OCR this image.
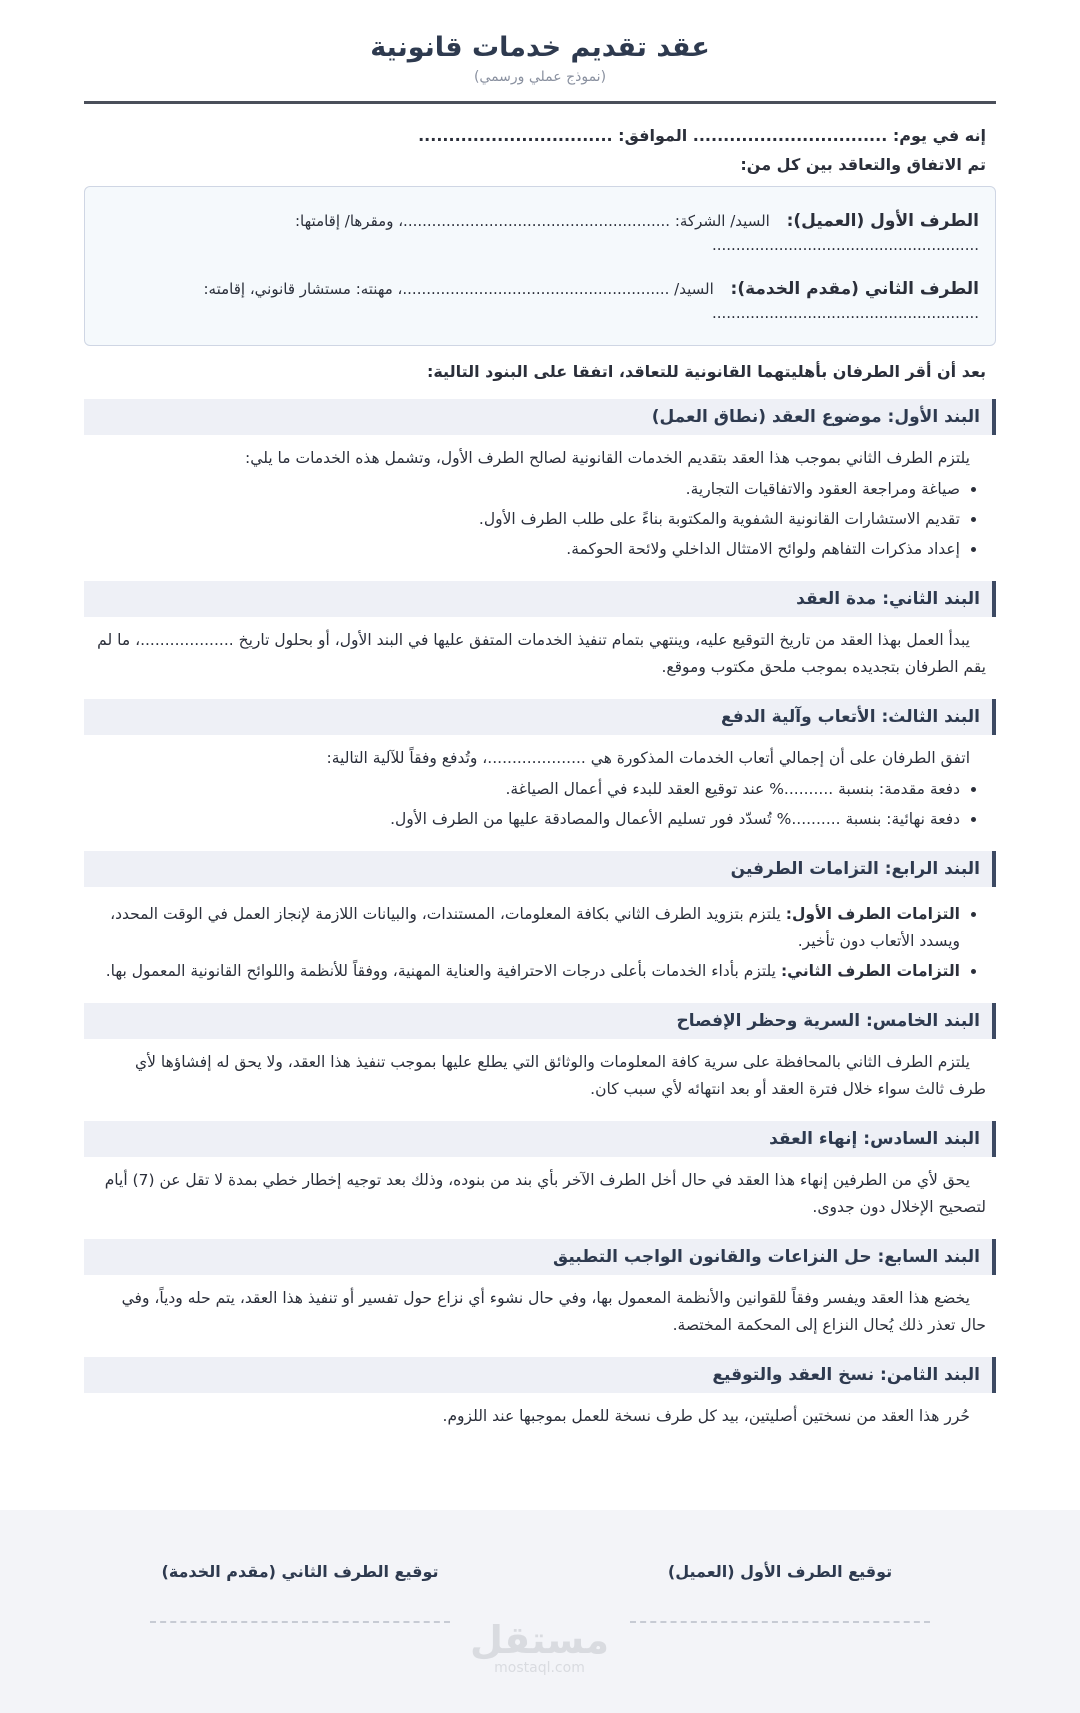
عقد تقديم خدمات قانونية
(نموذج عملي ورسمي)
إنه في يوم: ................................ الموافق: ................................
تم الاتفاق والتعاقد بين كل من:
الطرف الأول (العميل): السيد/ الشركة: ........................................................، ومقرها/ إقامتها: ........................................................
الطرف الثاني (مقدم الخدمة): السيد/ ........................................................، مهنته: مستشار قانوني، إقامته: ........................................................
بعد أن أقر الطرفان بأهليتهما القانونية للتعاقد، اتفقا على البنود التالية:
البند الأول: موضوع العقد (نطاق العمل)

يلتزم الطرف الثاني بموجب هذا العقد بتقديم الخدمات القانونية لصالح الطرف الأول، وتشمل هذه الخدمات ما يلي:

• صياغة ومراجعة العقود والاتفاقيات التجارية.
• تقديم الاستشارات القانونية الشفوية والمكتوبة بناءً على طلب الطرف الأول.
• إعداد مذكرات التفاهم ولوائح الامتثال الداخلي ولائحة الحوكمة.
البند الثاني: مدة العقد

يبدأ العمل بهذا العقد من تاريخ التوقيع عليه، وينتهي بتمام تنفيذ الخدمات المتفق عليها في البند الأول، أو بحلول تاريخ ...................، ما لم يقم الطرفان بتجديده بموجب ملحق مكتوب وموقع.

البند الثالث: الأتعاب وآلية الدفع

اتفق الطرفان على أن إجمالي أتعاب الخدمات المذكورة هي ....................، وتُدفع وفقاً للآلية التالية:

• دفعة مقدمة: بنسبة ..........% عند توقيع العقد للبدء في أعمال الصياغة.
• دفعة نهائية: بنسبة ..........% تُسدّد فور تسليم الأعمال والمصادقة عليها من الطرف الأول.
البند الرابع: التزامات الطرفين
• التزامات الطرف الأول: يلتزم بتزويد الطرف الثاني بكافة المعلومات، المستندات، والبيانات اللازمة لإنجاز العمل في الوقت المحدد، ويسدد الأتعاب دون تأخير.
• التزامات الطرف الثاني: يلتزم بأداء الخدمات بأعلى درجات الاحترافية والعناية المهنية، ووفقاً للأنظمة واللوائح القانونية المعمول بها.
البند الخامس: السرية وحظر الإفصاح

يلتزم الطرف الثاني بالمحافظة على سرية كافة المعلومات والوثائق التي يطلع عليها بموجب تنفيذ هذا العقد، ولا يحق له إفشاؤها لأي طرف ثالث سواء خلال فترة العقد أو بعد انتهائه لأي سبب كان.

البند السادس: إنهاء العقد

يحق لأي من الطرفين إنهاء هذا العقد في حال أخل الطرف الآخر بأي بند من بنوده، وذلك بعد توجيه إخطار خطي بمدة لا تقل عن (7) أيام لتصحيح الإخلال دون جدوى.

البند السابع: حل النزاعات والقانون الواجب التطبيق

يخضع هذا العقد ويفسر وفقاً للقوانين والأنظمة المعمول بها، وفي حال نشوء أي نزاع حول تفسير أو تنفيذ هذا العقد، يتم حله ودياً، وفي حال تعذر ذلك يُحال النزاع إلى المحكمة المختصة.

البند الثامن: نسخ العقد والتوقيع

حُرر هذا العقد من نسختين أصليتين، بيد كل طرف نسخة للعمل بموجبها عند اللزوم.

توقيع الطرف الأول (العميل)
توقيع الطرف الثاني (مقدم الخدمة)
مستقل
mostaql.com
